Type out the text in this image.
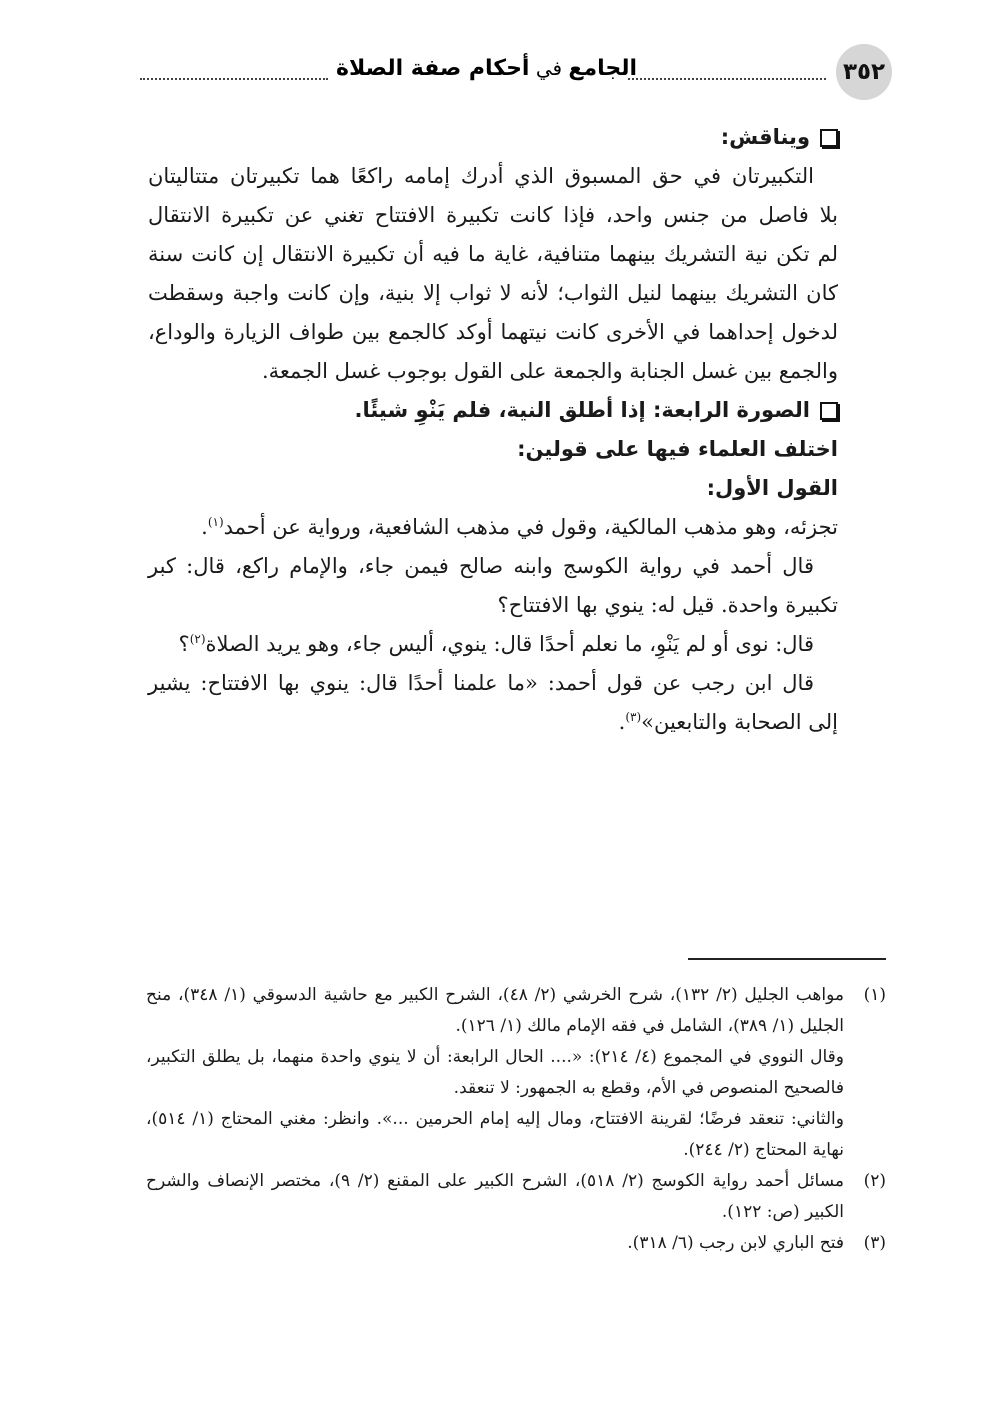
٣٥٢
الجامع في أحكام صفة الصلاة

ويناقش:

التكبيرتان في حق المسبوق الذي أدرك إمامه راكعًا هما تكبيرتان متتاليتان

بلا فاصل من جنس واحد، فإذا كانت تكبيرة الافتتاح تغني عن تكبيرة الانتقال

لم تكن نية التشريك بينهما متنافية، غاية ما فيه أن تكبيرة الانتقال إن كانت سنة

كان التشريك بينهما لنيل الثواب؛ لأنه لا ثواب إلا بنية، وإن كانت واجبة وسقطت

لدخول إحداهما في الأخرى كانت نيتهما أوكد كالجمع بين طواف الزيارة والوداع،

والجمع بين غسل الجنابة والجمعة على القول بوجوب غسل الجمعة.

الصورة الرابعة: إذا أطلق النية، فلم يَنْوِ شيئًا.

اختلف العلماء فيها على قولين:

القول الأول:

تجزئه، وهو مذهب المالكية، وقول في مذهب الشافعية، ورواية عن أحمد$^{(١)}$.

قال أحمد في رواية الكوسج وابنه صالح فيمن جاء، والإمام راكع، قال: كبر

تكبيرة واحدة. قيل له: ينوي بها الافتتاح؟

قال: نوى أو لم يَنْوِ، ما نعلم أحدًا قال: ينوي، أليس جاء، وهو يريد الصلاة$^{(٢)}$؟

قال ابن رجب عن قول أحمد: «ما علمنا أحدًا قال: ينوي بها الافتتاح: يشير

إلى الصحابة والتابعين»$^{(٣)}$.

(١)

مواهب الجليل (٢/ ١٣٢)، شرح الخرشي (٢/ ٤٨)، الشرح الكبير مع حاشية الدسوقي (١/ ٣٤٨)، منح الجليل (١/ ٣٨٩)، الشامل في فقه الإمام مالك (١/ ١٢٦).

وقال النووي في المجموع (٤/ ٢١٤): «.... الحال الرابعة: أن لا ينوي واحدة منهما، بل يطلق التكبير، فالصحيح المنصوص في الأم، وقطع به الجمهور: لا تنعقد.

والثاني: تنعقد فرضًا؛ لقرينة الافتتاح، ومال إليه إمام الحرمين ...». وانظر: مغني المحتاج (١/ ٥١٤)، نهاية المحتاج (٢/ ٢٤٤).

(٢)

مسائل أحمد رواية الكوسج (٢/ ٥١٨)، الشرح الكبير على المقنع (٢/ ٩)، مختصر الإنصاف والشرح الكبير (ص: ١٢٢).

(٣)

فتح الباري لابن رجب (٦/ ٣١٨).
